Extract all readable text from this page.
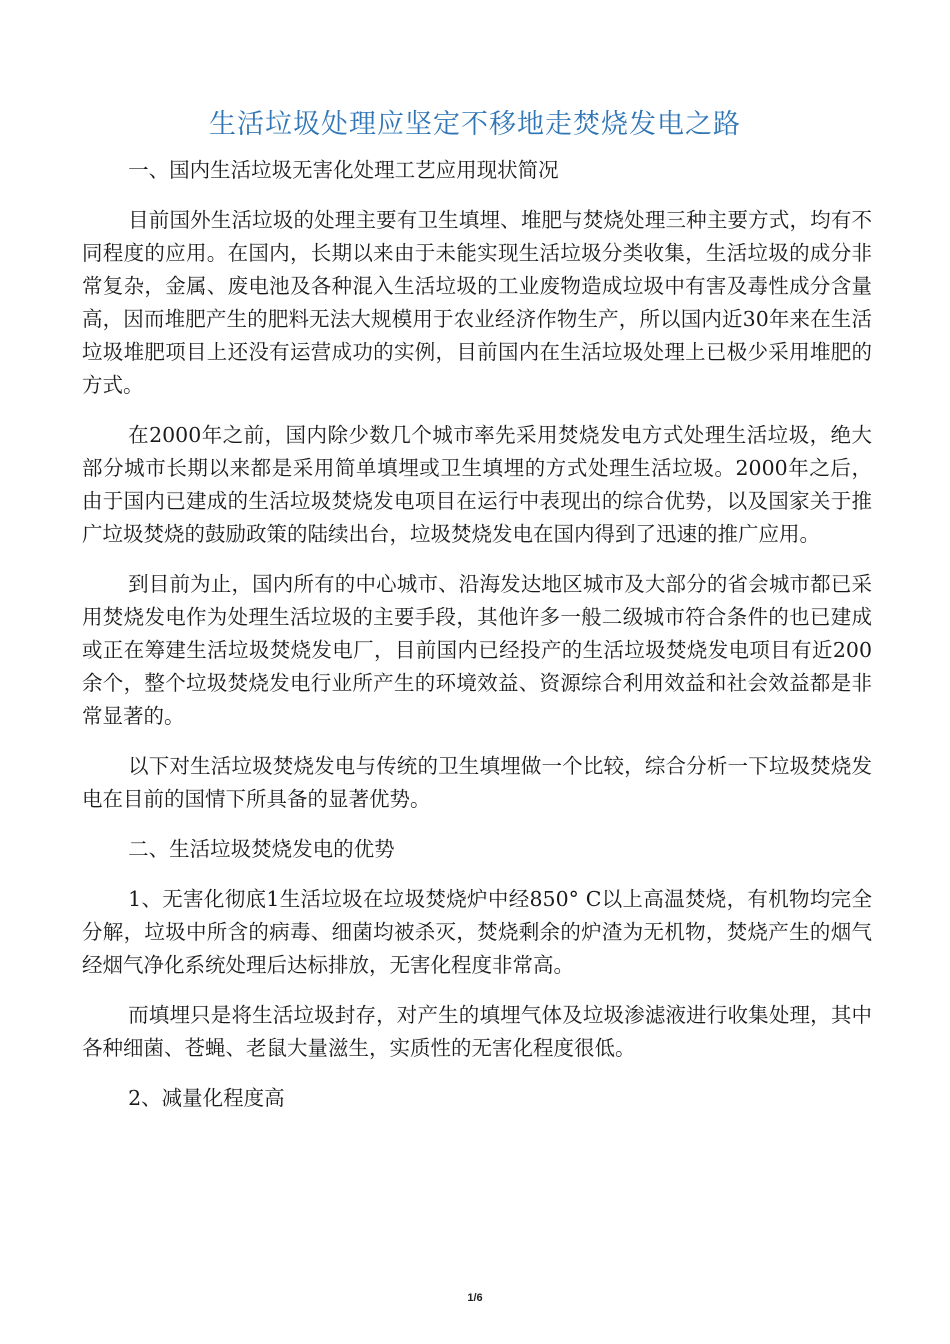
生活垃圾处理应坚定不移地走焚烧发电之路

一、国内生活垃圾无害化处理工艺应用现状简况

目前国外生活垃圾的处理主要有卫生填埋、堆肥与焚烧处理三种主要方式，均有不同程度的应用。在国内，长期以来由于未能实现生活垃圾分类收集，生活垃圾的成分非常复杂，金属、废电池及各种混入生活垃圾的工业废物造成垃圾中有害及毒性成分含量高，因而堆肥产生的肥料无法大规模用于农业经济作物生产，所以国内近30年来在生活垃圾堆肥项目上还没有运营成功的实例，目前国内在生活垃圾处理上已极少采用堆肥的方式。

在2000年之前，国内除少数几个城市率先采用焚烧发电方式处理生活垃圾，绝大部分城市长期以来都是采用简单填埋或卫生填埋的方式处理生活垃圾。2000年之后，由于国内已建成的生活垃圾焚烧发电项目在运行中表现出的综合优势，以及国家关于推广垃圾焚烧的鼓励政策的陆续出台，垃圾焚烧发电在国内得到了迅速的推广应用。

到目前为止，国内所有的中心城市、沿海发达地区城市及大部分的省会城市都已采用焚烧发电作为处理生活垃圾的主要手段，其他许多一般二级城市符合条件的也已建成或正在筹建生活垃圾焚烧发电厂，目前国内已经投产的生活垃圾焚烧发电项目有近200余个，整个垃圾焚烧发电行业所产生的环境效益、资源综合利用效益和社会效益都是非常显著的。

以下对生活垃圾焚烧发电与传统的卫生填埋做一个比较，综合分析一下垃圾焚烧发电在目前的国情下所具备的显著优势。

二、生活垃圾焚烧发电的优势

1、无害化彻底1生活垃圾在垃圾焚烧炉中经850° C以上高温焚烧，有机物均完全分解，垃圾中所含的病毒、细菌均被杀灭，焚烧剩余的炉渣为无机物，焚烧产生的烟气经烟气净化系统处理后达标排放，无害化程度非常高。

而填埋只是将生活垃圾封存，对产生的填埋气体及垃圾渗滤液进行收集处理，其中各种细菌、苍蝇、老鼠大量滋生，实质性的无害化程度很低。

2、减量化程度高

1/6
